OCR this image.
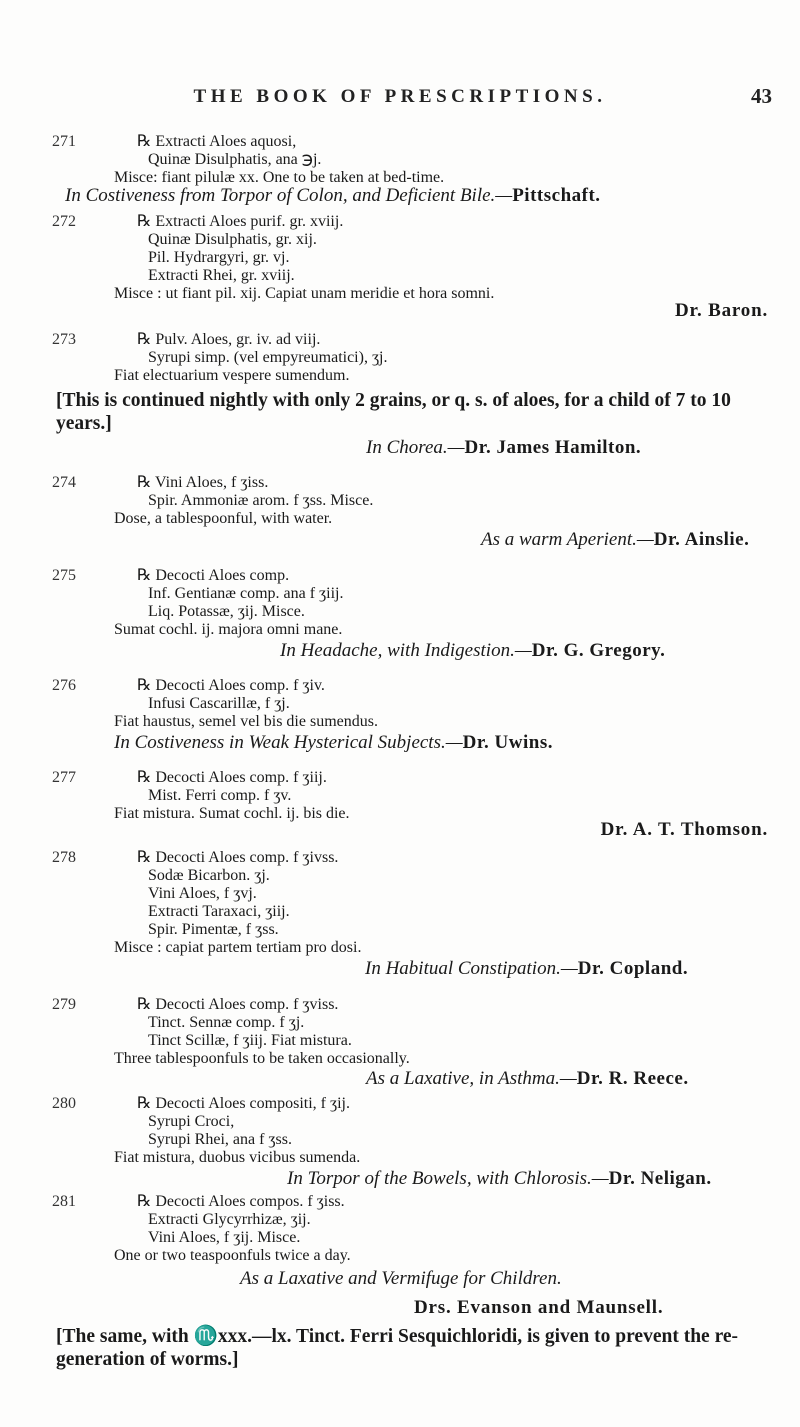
THE BOOK OF PRESCRIPTIONS.	43
271	℞ Extracti Aloes aquosi,
Quinæ Disulphatis, ana ℈j.
Misce: fiant pilulæ xx. One to be taken at bed-time.
In Costiveness from Torpor of Colon, and Deficient Bile.—Pittschaft.
272	℞ Extracti Aloes purif. gr. xviij.
Quinæ Disulphatis, gr. xij.
Pil. Hydrargyri, gr. vj.
Extracti Rhei, gr. xviij.
Misce : ut fiant pil. xij. Capiat unam meridie et hora somni.
Dr. Baron.
273	℞ Pulv. Aloes, gr. iv. ad viij.
Syrupi simp. (vel empyreumatici), ʒj.
Fiat electuarium vespere sumendum.
[This is continued nightly with only 2 grains, or q. s. of aloes, for a child of 7 to 10 years.]
In Chorea.—Dr. James Hamilton.
274	℞ Vini Aloes, f ʒiss.
Spir. Ammoniæ arom. f ʒss. Misce.
Dose, a tablespoonful, with water.
As a warm Aperient.—Dr. Ainslie.
275	℞ Decocti Aloes comp.
Inf. Gentianæ comp. ana f ʒiij.
Liq. Potassæ, ʒij. Misce.
Sumat cochl. ij. majora omni mane.
In Headache, with Indigestion.—Dr. G. Gregory.
276	℞ Decocti Aloes comp. f ʒiv.
Infusi Cascarillæ, f ʒj.
Fiat haustus, semel vel bis die sumendus.
In Costiveness in Weak Hysterical Subjects.—Dr. Uwins.
277	℞ Decocti Aloes comp. f ʒiij.
Mist. Ferri comp. f ʒv.
Fiat mistura. Sumat cochl. ij. bis die.
Dr. A. T. Thomson.
278	℞ Decocti Aloes comp. f ʒivss.
Sodæ Bicarbon. ʒj.
Vini Aloes, f ʒvj.
Extracti Taraxaci, ʒiij.
Spir. Pimentæ, f ʒss.
Misce : capiat partem tertiam pro dosi.
In Habitual Constipation.—Dr. Copland.
279	℞ Decocti Aloes comp. f ʒviss.
Tinct. Sennæ comp. f ʒj.
Tinct Scillæ, f ʒiij. Fiat mistura.
Three tablespoonfuls to be taken occasionally.
As a Laxative, in Asthma.—Dr. R. Reece.
280	℞ Decocti Aloes compositi, f ʒij.
Syrupi Croci,
Syrupi Rhei, ana f ʒss.
Fiat mistura, duobus vicibus sumenda.
In Torpor of the Bowels, with Chlorosis.—Dr. Neligan.
281	℞ Decocti Aloes compos. f ʒiss.
Extracti Glycyrrhizæ, ʒij.
Vini Aloes, f ʒij. Misce.
One or two teaspoonfuls twice a day.
As a Laxative and Vermifuge for Children.
Drs. Evanson and Maunsell.
[The same, with ♏xxx.—lx. Tinct. Ferri Sesquichloridi, is given to prevent the re-generation of worms.]
